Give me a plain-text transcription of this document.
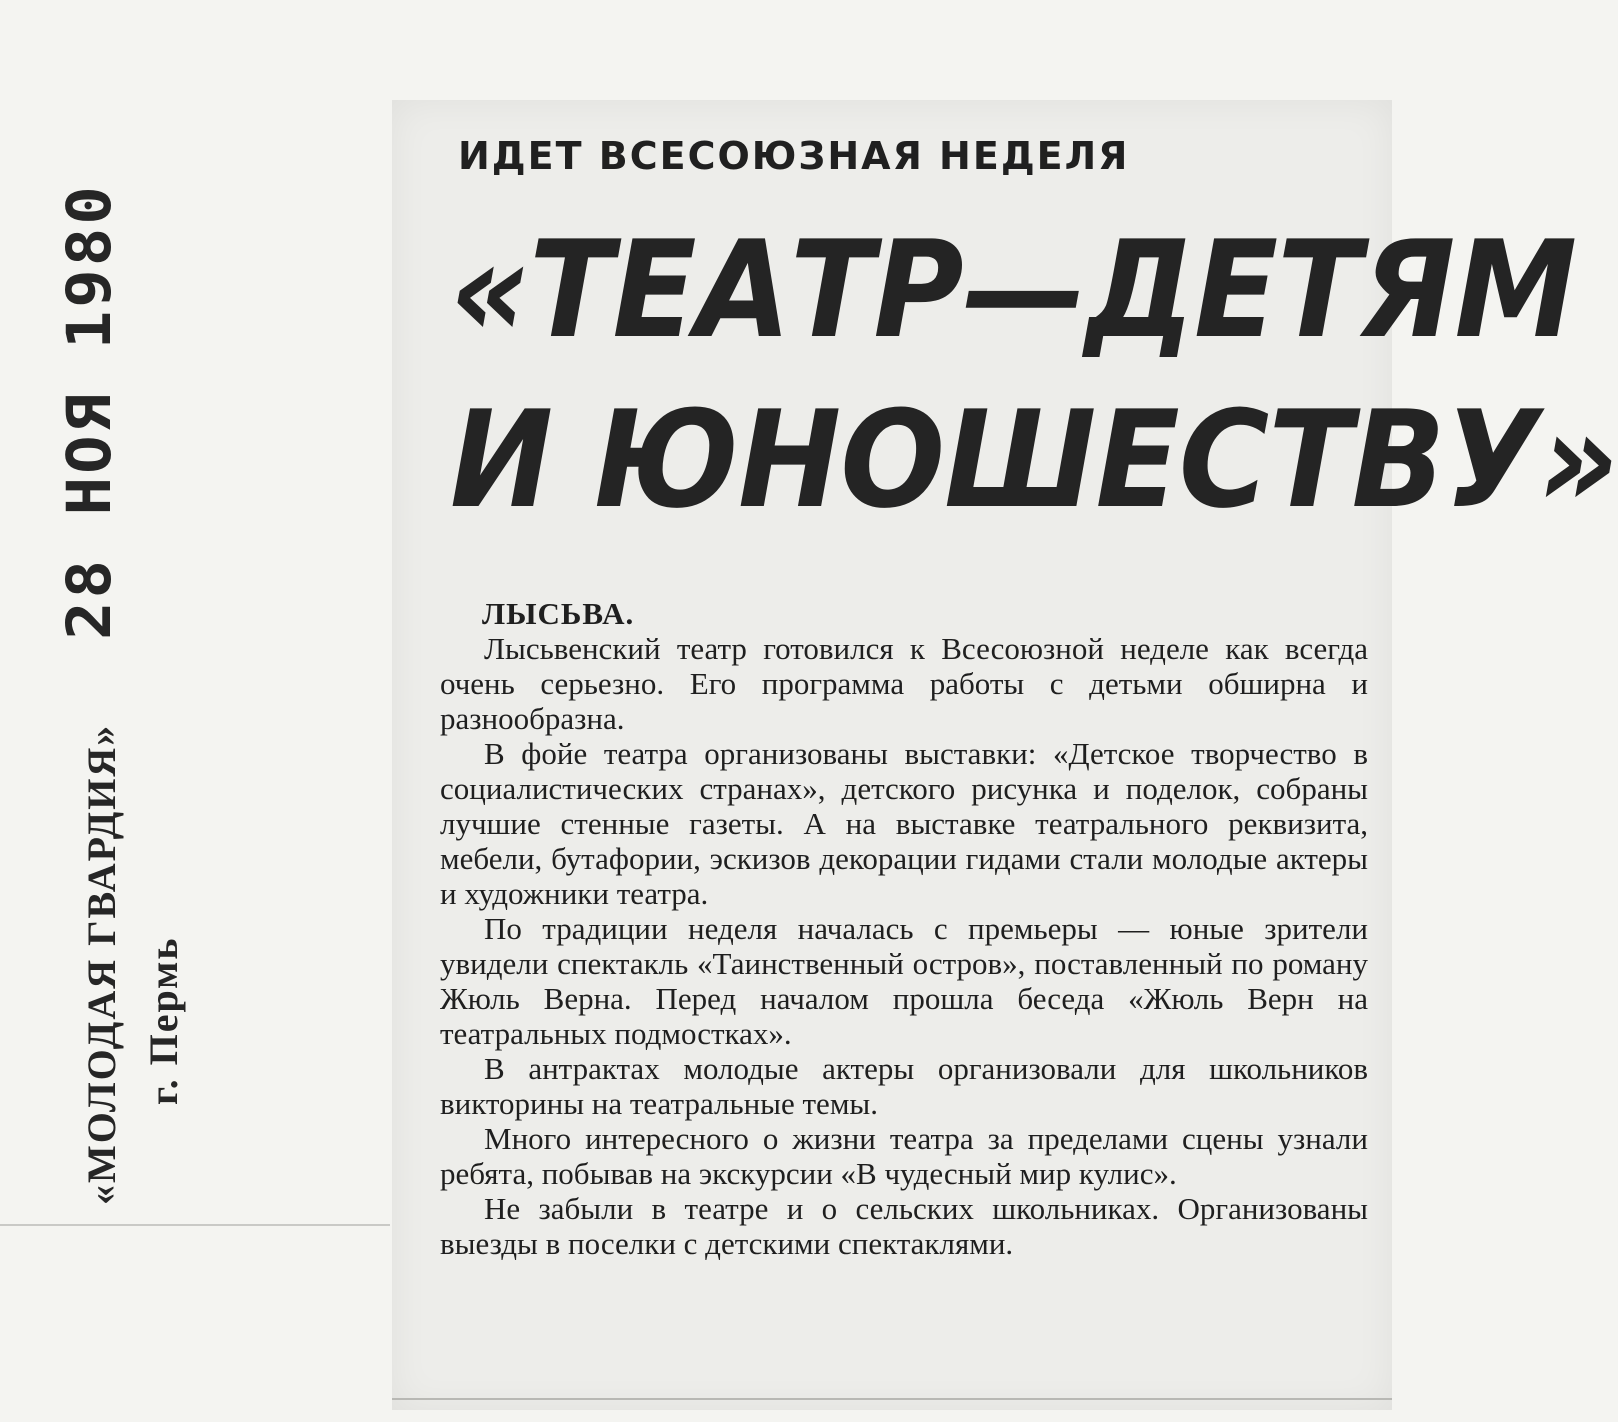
28 НОЯ 1980
«МОЛОДАЯ ГВАРДИЯ» г. Пермь
ИДЕТ ВСЕСОЮЗНАЯ НЕДЕЛЯ
«ТЕАТР—ДЕТЯМ
И ЮНОШЕСТВУ»

ЛЫСЬВА.

Лысьвенский театр готовился к Всесоюзной неделе как всегда очень серьезно. Его программа работы с детьми обширна и разнообразна.

В фойе театра организованы выставки: «Детское творчество в социалистических странах», детского рисунка и поделок, собраны лучшие стенные газеты. А на выставке театрального реквизита, мебели, бутафории, эскизов декорации гидами стали молодые актеры и художники театра.

По традиции неделя началась с премьеры — юные зрители увидели спектакль «Таинственный остров», поставленный по роману Жюль Верна. Перед началом прошла беседа «Жюль Верн на театральных подмостках».

В антрактах молодые актеры организовали для школьников викторины на театральные темы.

Много интересного о жизни театра за пределами сцены узнали ребята, побывав на экскурсии «В чудесный мир кулис».

Не забыли в театре и о сельских школьниках. Организованы выезды в поселки с детскими спектаклями.
